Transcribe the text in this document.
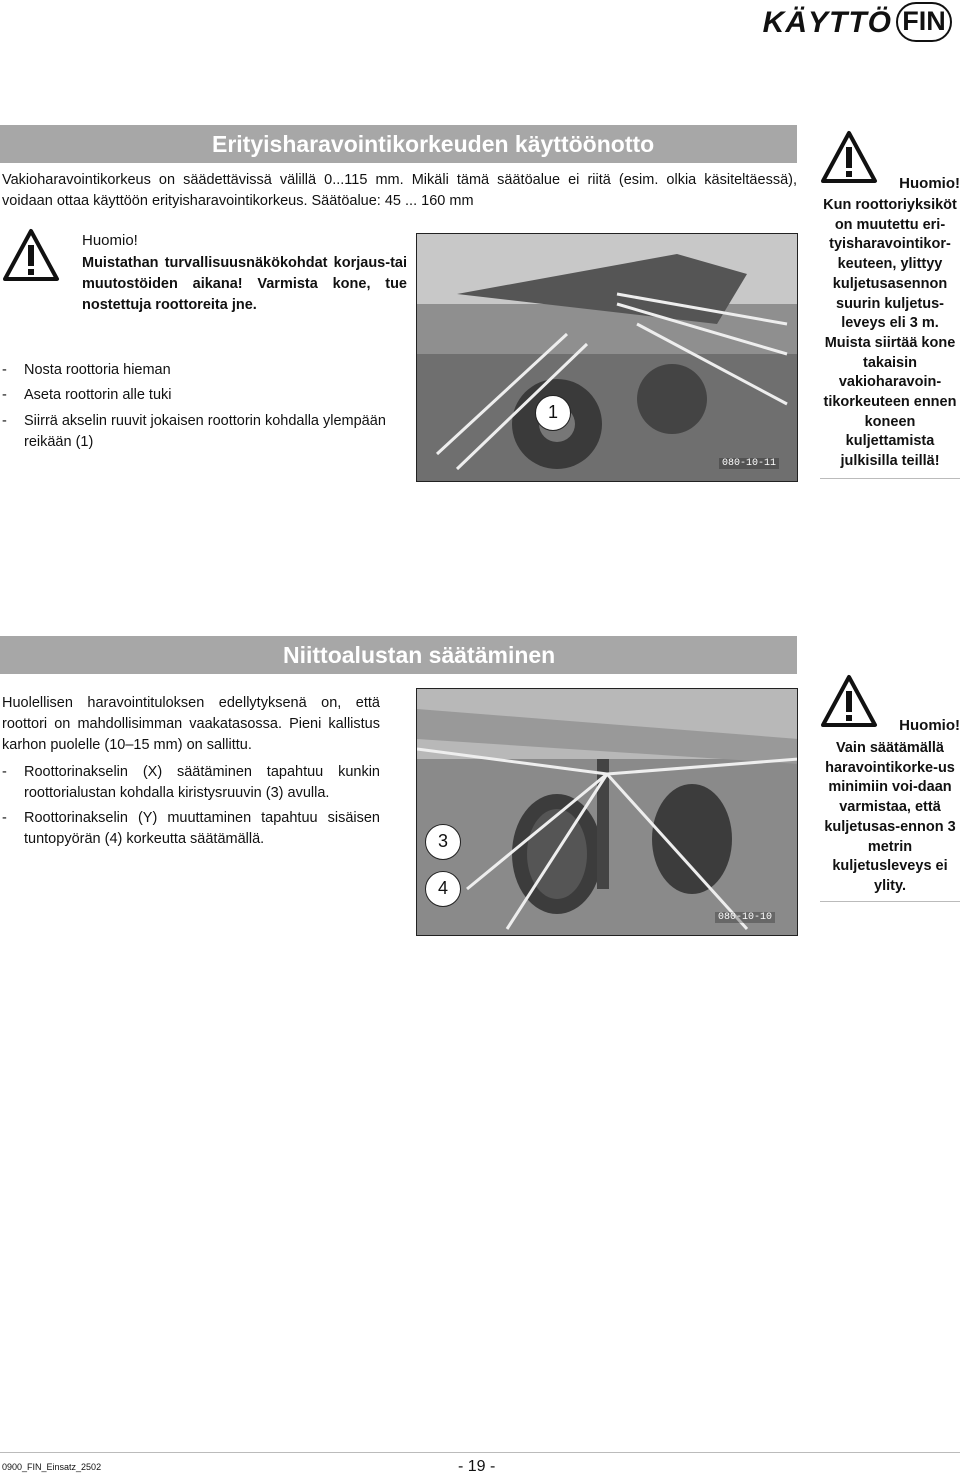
KÄYTTÖ FIN
Erityisharavointikorkeuden käyttöönotto
Vakioharavointikorkeus on säädettävissä välillä 0...115 mm. Mikäli tämä säätöalue ei riitä (esim. olkia käsiteltäessä), voidaan ottaa käyttöön erityisharavointikorkeus. Säätöalue: 45 ... 160 mm
Huomio!
Muistathan turvallisuusnäkökohdat korjaus-tai muutostöiden aikana! Varmista kone, tue nostettuja roottoreita jne.
- Nosta roottoria hieman
- Aseta roottorin alle tuki
- Siirrä akselin ruuvit jokaisen roottorin kohdalla ylempään reikään (1)
1
080-10-11
Huomio!
Kun roottoriyksiköt on muutettu eri-tyisharavointikor-keuteen, ylittyy kuljetusasennon suurin kuljetus-leveys eli 3 m. Muista siirtää kone takaisin vakioharavoin-tikorkeuteen ennen koneen kuljettamista julkisilla teillä!
Niittoalustan säätäminen
Huolellisen haravointituloksen edellytyksenä on, että roottori on mahdollisimman vaakatasossa. Pieni kallistus karhon puolelle (10–15 mm) on sallittu.
- Roottorinakselin (X) säätäminen tapahtuu kunkin roottorialustan kohdalla kiristysruuvin (3) avulla.
- Roottorinakselin (Y) muuttaminen tapahtuu sisäisen tuntopyörän (4) korkeutta säätämällä.	3
4
080-10-10
Huomio!
Vain säätämällä haravointikorke-us minimiin voi-daan varmistaa, että kuljetusas-ennon 3 metrin kuljetusleveys ei ylity.
0900_FIN_Einsatz_2502	- 19 -
